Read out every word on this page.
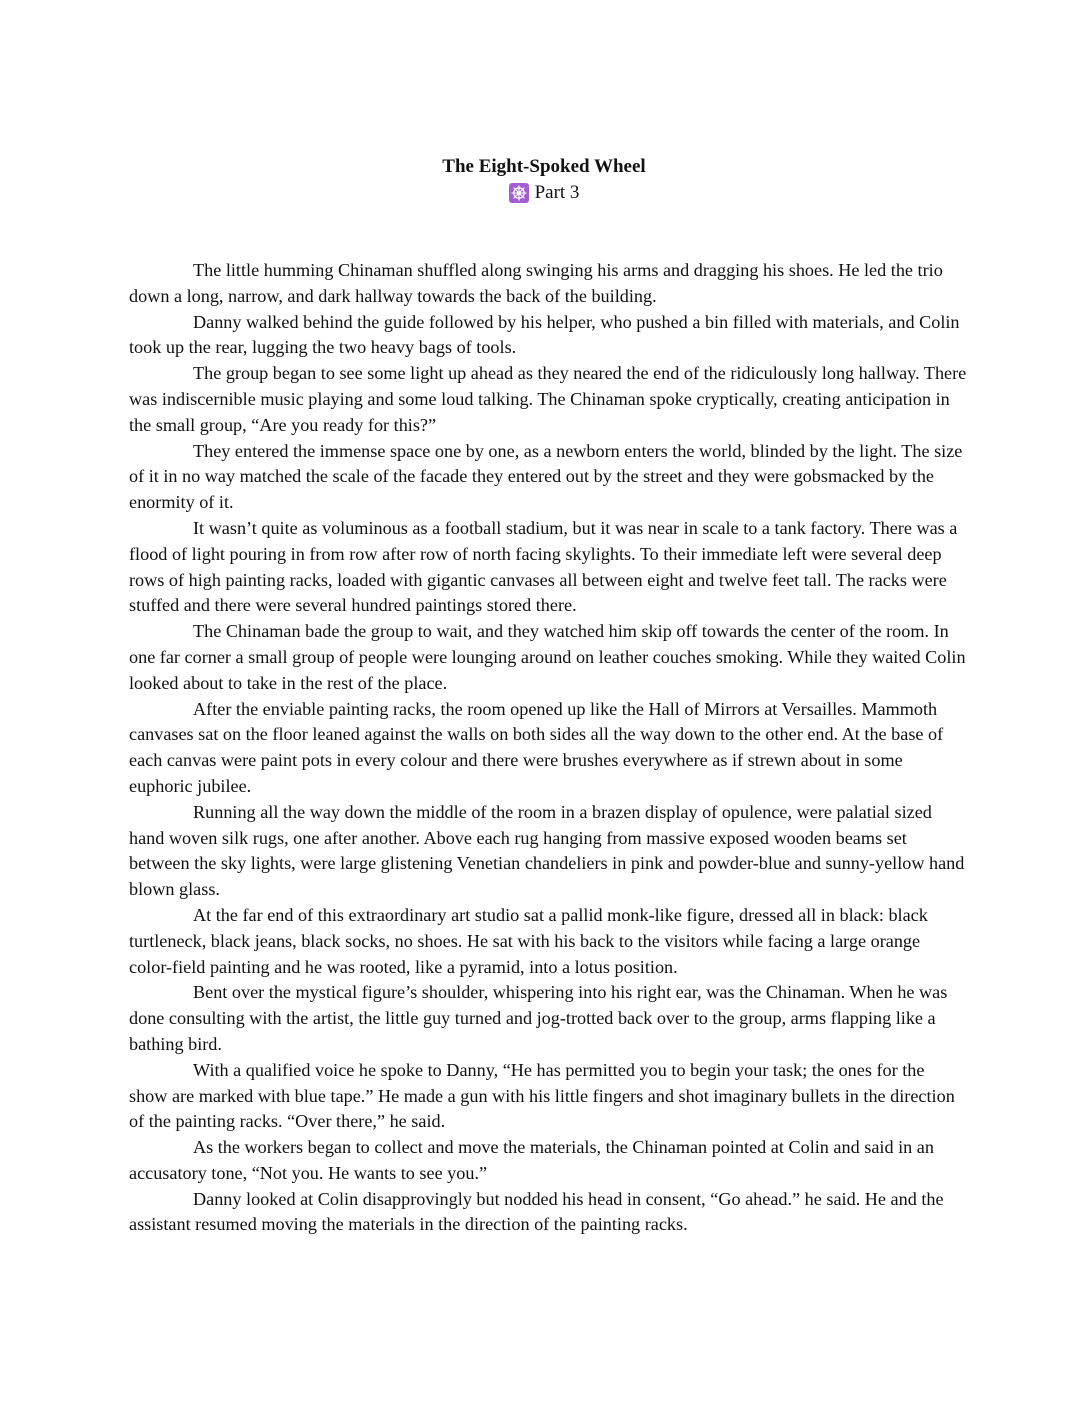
The Eight-Spoked Wheel
Part 3

The little humming Chinaman shuffled along swinging his arms and dragging his shoes. He led the trio down a long, narrow, and dark hallway towards the back of the building.

Danny walked behind the guide followed by his helper, who pushed a bin filled with materials, and Colin took up the rear, lugging the two heavy bags of tools.

The group began to see some light up ahead as they neared the end of the ridiculously long hallway. There was indiscernible music playing and some loud talking. The Chinaman spoke cryptically, creating anticipation in the small group, “Are you ready for this?”

They entered the immense space one by one, as a newborn enters the world, blinded by the light. The size of it in no way matched the scale of the facade they entered out by the street and they were gobsmacked by the enormity of it.

It wasn’t quite as voluminous as a football stadium, but it was near in scale to a tank factory. There was a flood of light pouring in from row after row of north facing skylights. To their immediate left were several deep rows of high painting racks, loaded with gigantic canvases all between eight and twelve feet tall. The racks were stuffed and there were several hundred paintings stored there.

The Chinaman bade the group to wait, and they watched him skip off towards the center of the room. In one far corner a small group of people were lounging around on leather couches smoking. While they waited Colin looked about to take in the rest of the place.

After the enviable painting racks, the room opened up like the Hall of Mirrors at Versailles. Mammoth canvases sat on the floor leaned against the walls on both sides all the way down to the other end. At the base of each canvas were paint pots in every colour and there were brushes everywhere as if strewn about in some euphoric jubilee.

Running all the way down the middle of the room in a brazen display of opulence, were palatial sized hand woven silk rugs, one after another. Above each rug hanging from massive exposed wooden beams set between the sky lights, were large glistening Venetian chandeliers in pink and powder-blue and sunny-yellow hand blown glass.

At the far end of this extraordinary art studio sat a pallid monk-like figure, dressed all in black: black turtleneck, black jeans, black socks, no shoes. He sat with his back to the visitors while facing a large orange color-field painting and he was rooted, like a pyramid, into a lotus position.

Bent over the mystical figure’s shoulder, whispering into his right ear, was the Chinaman. When he was done consulting with the artist, the little guy turned and jog-trotted back over to the group, arms flapping like a bathing bird.

With a qualified voice he spoke to Danny, “He has permitted you to begin your task; the ones for the show are marked with blue tape.” He made a gun with his little fingers and shot imaginary bullets in the direction of the painting racks. “Over there,” he said.

As the workers began to collect and move the materials, the Chinaman pointed at Colin and said in an accusatory tone, “Not you. He wants to see you.”

Danny looked at Colin disapprovingly but nodded his head in consent, “Go ahead.” he said. He and the assistant resumed moving the materials in the direction of the painting racks.
